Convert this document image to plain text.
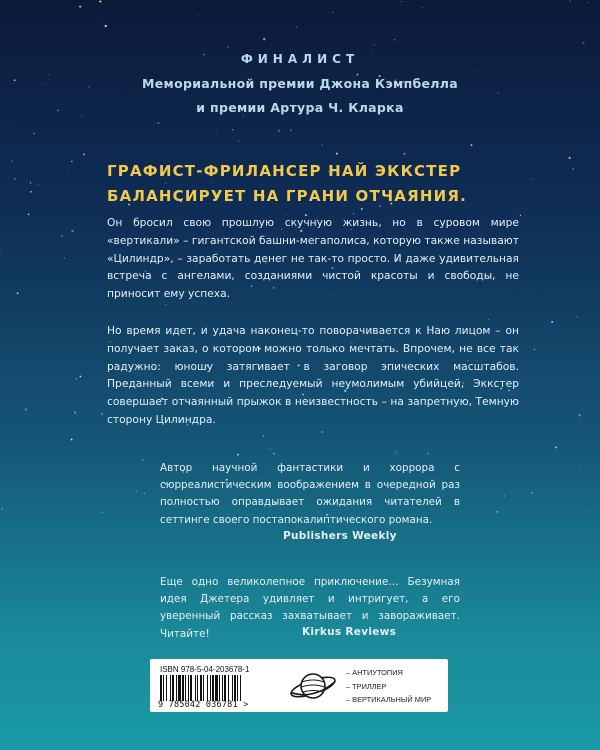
ФИНАЛИСТ
Мемориальной премии Джона Кэмпбелла
и премии Артура Ч. Кларка
ГРАФИСТ-ФРИЛАНСЕР НАЙ ЭККСТЕР
БАЛАНСИРУЕТ НА ГРАНИ ОТЧАЯНИЯ.

Он бросил свою прошлую скучную жизнь, но в суровом мире «вертикали» – гигантской башни-мегаполиса, которую также называют «Цилиндр», – заработать денег не так-то просто. И даже удивительная встреча с ангелами, созданиями чистой красоты и свободы, не приносит ему успеха.

Но время идет, и удача наконец-то поворачивается к Наю лицом – он получает заказ, о котором можно только мечтать. Впрочем, не все так радужно: юношу затягивает в заговор эпических масштабов. Преданный всеми и преследуемый неумолимым убийцей, Эккстер совершает отчаянный прыжок в неизвестность – на запретную, Темную сторону Цилиндра.

Автор научной фантастики и хоррора с сюрреалистическим воображением в очередной раз полностью оправдывает ожидания читателей в сеттинге своего постапокалиптического романа.

Publishers Weekly

Еще одно великолепное приключение… Безумная идея Джетера удивляет и интригует, а его уверенный рассказ захватывает и завораживает. Читайте!	Kirkus Reviews
ISBN 978-5-04-203678-1
9 785042 036781 >
– АНТИУТОПИЯ
– ТРИЛЛЕР
– ВЕРТИКАЛЬНЫЙ МИР
